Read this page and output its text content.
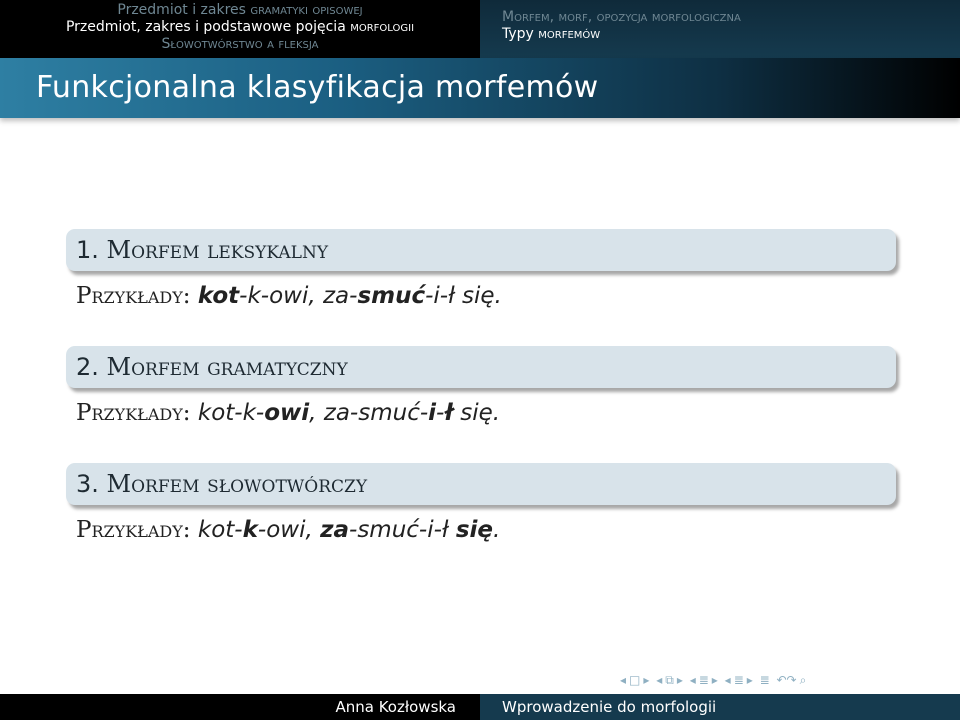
Przedmiot i zakres gramatyki opisowej
Przedmiot, zakres i podstawowe pojęcia morfologii
Słowotwórstwo a fleksja
Morfem, morf, opozycja morfologiczna
Typy morfemów
Funkcjonalna klasyfikacja morfemów
1. Morfem leksykalny
Przykłady: kot-k-owi, za-smuć-i-ł się.
2. Morfem gramatyczny
Przykłady: kot-k-owi, za-smuć-i-ł się.
3. Morfem słowotwórczy
Przykłady: kot-k-owi, za-smuć-i-ł się.
◂ □ ▸ ◂ ⧉ ▸ ◂ ≣ ▸ ◂ ≣ ▸ ≣ ↶↷ ⌕
Anna Kozłowska	Wprowadzenie do morfologii
